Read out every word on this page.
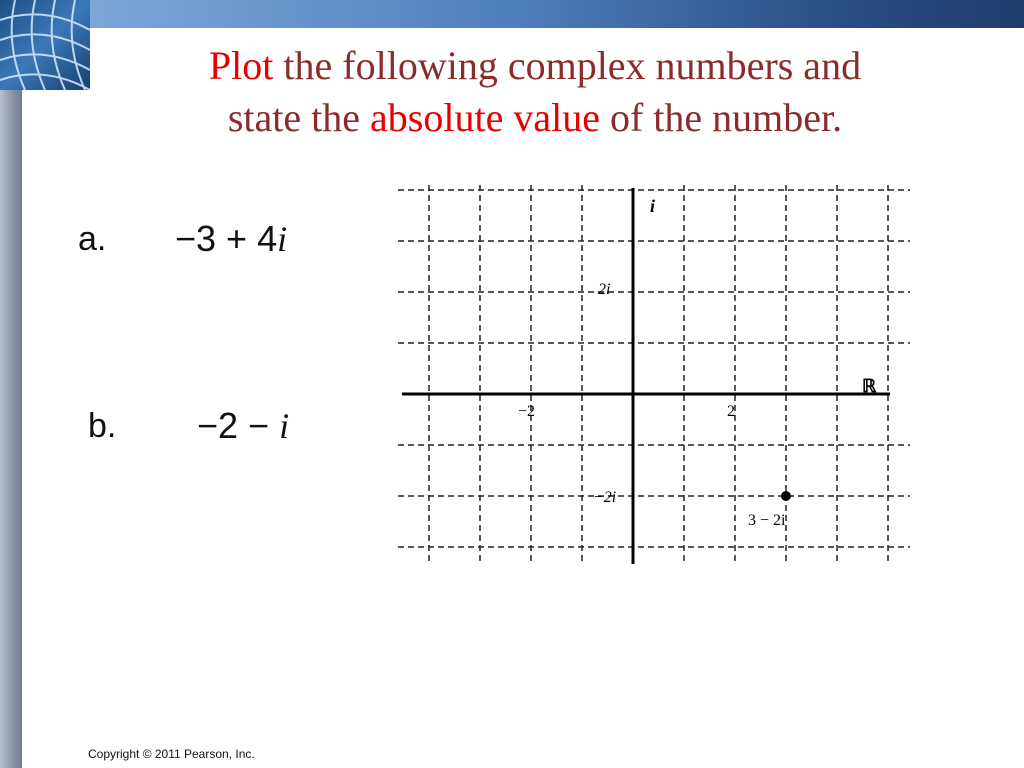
Plot the following complex numbers and
state the absolute value of the number.
a. −3 + 4i
b. −2 − i
i
ℝ
−2	2
2i
−2i
3 − 2i
Copyright © 2011 Pearson, Inc.
